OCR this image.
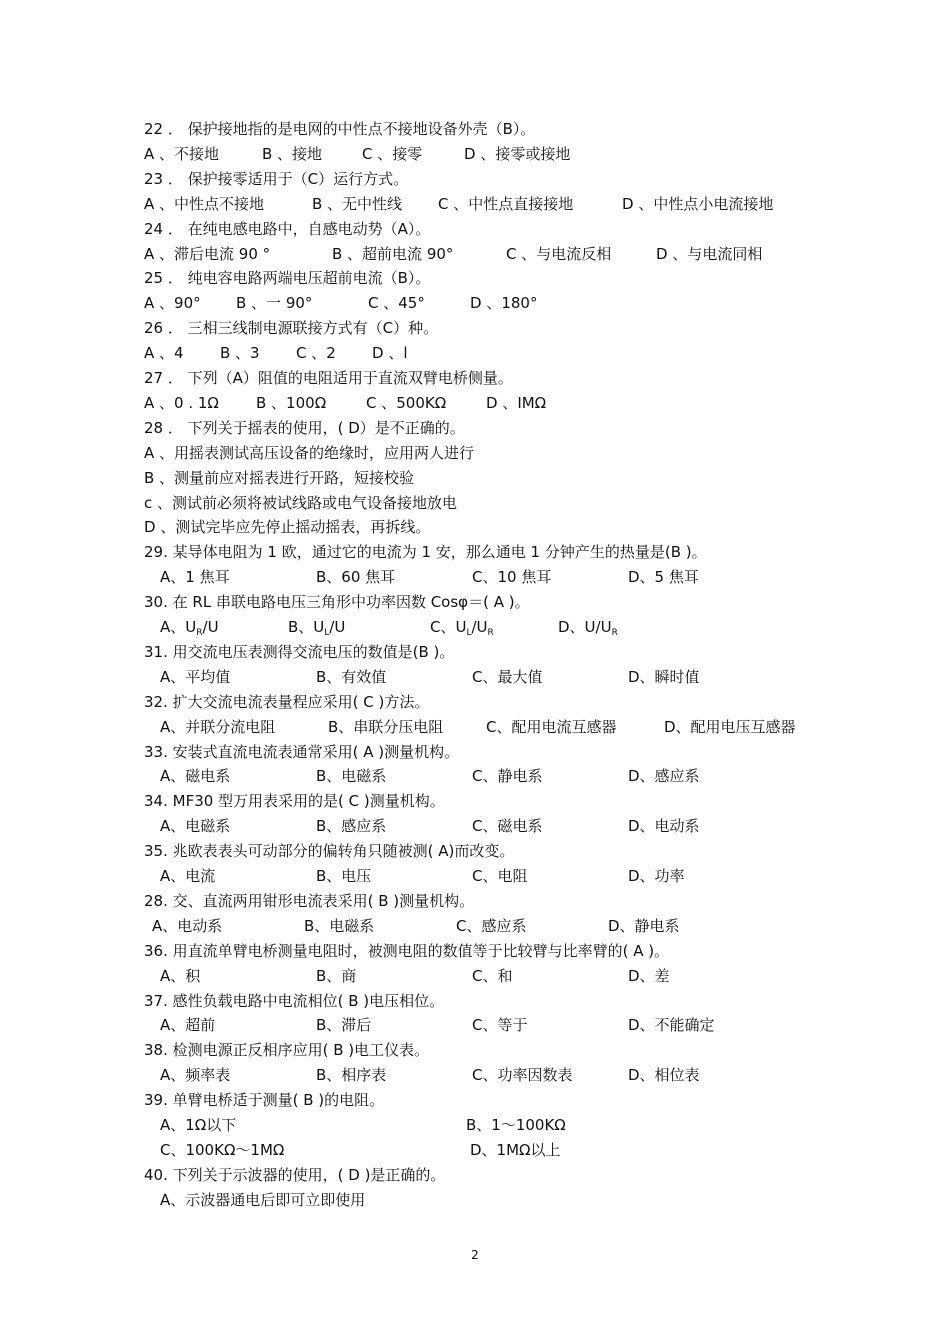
22 ． 保护接地指的是电网的中性点不接地设备外壳（B）。
A 、不接地	B 、接地	C 、接零	D 、接零或接地
23 ． 保护接零适用于（C）运行方式。
A 、中性点不接地	B 、无中性线 C 、中性点直接接地	D 、中性点小电流接地
24 ． 在纯电感电路中，自感电动势（A）。
A 、滞后电流 90 °	B 、超前电流 90°	C 、与电流反相	D 、与电流同相
25 ． 纯电容电路两端电压超前电流（B）。
A 、90° B 、一 90°	C 、45°	D 、180°
26 ． 三相三线制电源联接方式有（C）种。
A 、4 B 、3 C 、2 D 、l
27 ． 下列（A）阻值的电阻适用于直流双臂电桥侧量。
A 、0 . 1Ω B 、100Ω	C 、500KΩ	D 、IMΩ
28 ． 下列关于摇表的使用，( D）是不正确的。
A 、用摇表测试高压设备的绝缘时，应用两人进行
B 、测量前应对摇表进行开路，短接校验
c 、测试前必须将被试线路或电气设备接地放电
D 、测试完毕应先停止摇动摇表，再拆线。
29. 某导体电阻为 1 欧，通过它的电流为 1 安，那么通电 1 分钟产生的热量是(B )。
A、1 焦耳	B、60 焦耳	C、10 焦耳	D、5 焦耳
30. 在 RL 串联电路电压三角形中功率因数 Cosφ＝( A )。
A、$U_R/U$	B、$U_L/U$	C、$U_L/U_R$	D、$U/U_R$
31. 用交流电压表测得交流电压的数值是(B )。
A、平均值	B、有效值	C、最大值	D、瞬时值
32. 扩大交流电流表量程应采用( C )方法。
A、并联分流电阻	B、串联分压电阻	C、配用电流互感器	D、配用电压互感器
33. 安装式直流电流表通常采用( A )测量机构。
A、磁电系	B、电磁系	C、静电系	D、感应系
34. MF30 型万用表采用的是( C )测量机构。
A、电磁系	B、感应系	C、磁电系	D、电动系
35. 兆欧表表头可动部分的偏转角只随被测( A)而改变。
A、电流	B、电压	C、电阻	D、功率
28. 交、直流两用钳形电流表采用( B )测量机构。
A、电动系	B、电磁系	C、感应系	D、静电系
36. 用直流单臂电桥测量电阻时，被测电阻的数值等于比较臂与比率臂的( A )。
A、积	B、商	C、和	D、差
37. 感性负载电路中电流相位( B )电压相位。
A、超前	B、滞后	C、等于	D、不能确定
38. 检测电源正反相序应用( B )电工仪表。
A、频率表	B、相序表	C、功率因数表	D、相位表
39. 单臂电桥适于测量( B )的电阻。
A、1Ω以下	B、1～100KΩ
C、100KΩ～1MΩ	D、1MΩ以上
40. 下列关于示波器的使用，( D )是正确的。
A、示波器通电后即可立即使用
2
